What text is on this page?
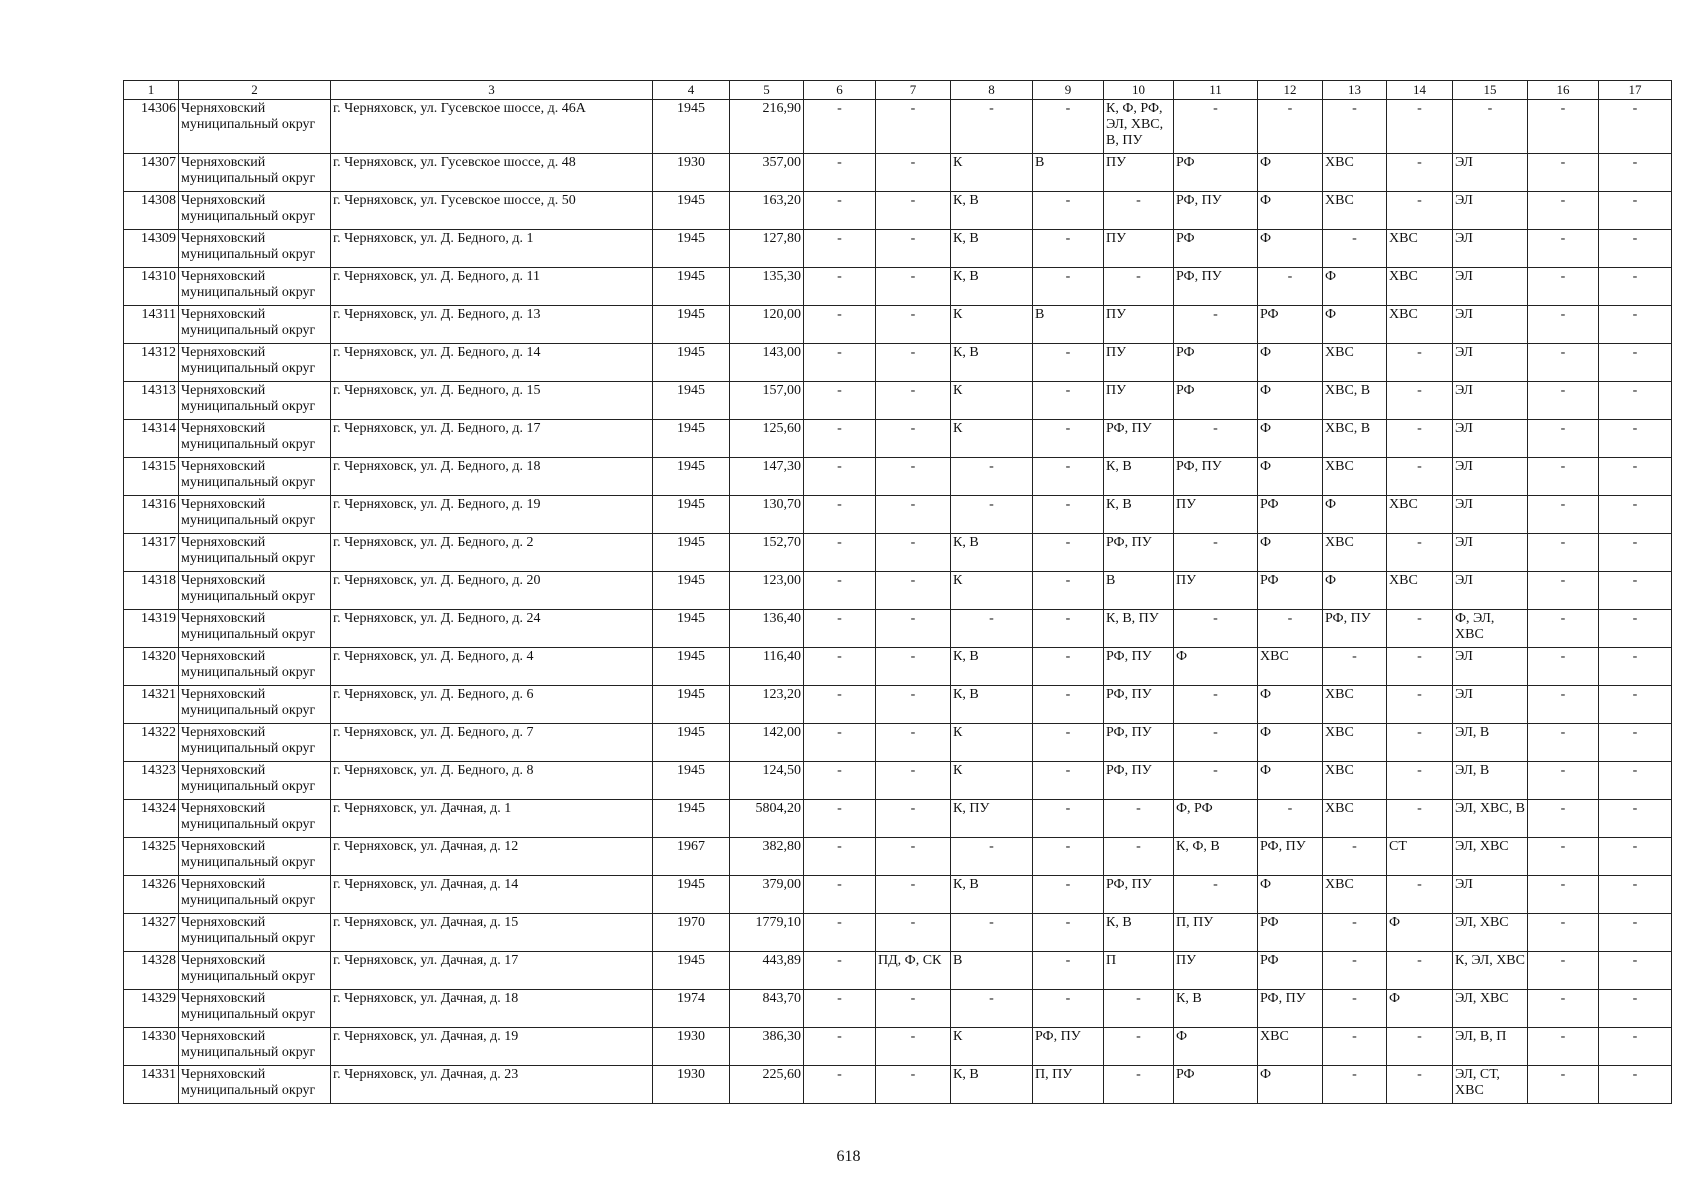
1	2	3	4	5	6	7	8	9	10	11	12	13	14	15	16	17
14306	Черняховский муниципальный округ	г. Черняховск, ул. Гусевское шоссе, д. 46А	1945	216,90	-	-	-	-	К, Ф, РФ, ЭЛ, ХВС, В, ПУ	-	-	-	-	-	-	-
14307	Черняховский муниципальный округ	г. Черняховск, ул. Гусевское шоссе, д. 48	1930	357,00	-	-	К	В	ПУ	РФ	Ф	ХВС	-	ЭЛ	-	-
14308	Черняховский муниципальный округ	г. Черняховск, ул. Гусевское шоссе, д. 50	1945	163,20	-	-	К, В	-	-	РФ, ПУ	Ф	ХВС	-	ЭЛ	-	-
14309	Черняховский муниципальный округ	г. Черняховск, ул. Д. Бедного, д. 1	1945	127,80	-	-	К, В	-	ПУ	РФ	Ф	-	ХВС	ЭЛ	-	-
14310	Черняховский муниципальный округ	г. Черняховск, ул. Д. Бедного, д. 11	1945	135,30	-	-	К, В	-	-	РФ, ПУ	-	Ф	ХВС	ЭЛ	-	-
14311	Черняховский муниципальный округ	г. Черняховск, ул. Д. Бедного, д. 13	1945	120,00	-	-	К	В	ПУ	-	РФ	Ф	ХВС	ЭЛ	-	-
14312	Черняховский муниципальный округ	г. Черняховск, ул. Д. Бедного, д. 14	1945	143,00	-	-	К, В	-	ПУ	РФ	Ф	ХВС	-	ЭЛ	-	-
14313	Черняховский муниципальный округ	г. Черняховск, ул. Д. Бедного, д. 15	1945	157,00	-	-	К	-	ПУ	РФ	Ф	ХВС, В	-	ЭЛ	-	-
14314	Черняховский муниципальный округ	г. Черняховск, ул. Д. Бедного, д. 17	1945	125,60	-	-	К	-	РФ, ПУ	-	Ф	ХВС, В	-	ЭЛ	-	-
14315	Черняховский муниципальный округ	г. Черняховск, ул. Д. Бедного, д. 18	1945	147,30	-	-	-	-	К, В	РФ, ПУ	Ф	ХВС	-	ЭЛ	-	-
14316	Черняховский муниципальный округ	г. Черняховск, ул. Д. Бедного, д. 19	1945	130,70	-	-	-	-	К, В	ПУ	РФ	Ф	ХВС	ЭЛ	-	-
14317	Черняховский муниципальный округ	г. Черняховск, ул. Д. Бедного, д. 2	1945	152,70	-	-	К, В	-	РФ, ПУ	-	Ф	ХВС	-	ЭЛ	-	-
14318	Черняховский муниципальный округ	г. Черняховск, ул. Д. Бедного, д. 20	1945	123,00	-	-	К	-	В	ПУ	РФ	Ф	ХВС	ЭЛ	-	-
14319	Черняховский муниципальный округ	г. Черняховск, ул. Д. Бедного, д. 24	1945	136,40	-	-	-	-	К, В, ПУ	-	-	РФ, ПУ	-	Ф, ЭЛ, ХВС	-	-
14320	Черняховский муниципальный округ	г. Черняховск, ул. Д. Бедного, д. 4	1945	116,40	-	-	К, В	-	РФ, ПУ	Ф	ХВС	-	-	ЭЛ	-	-
14321	Черняховский муниципальный округ	г. Черняховск, ул. Д. Бедного, д. 6	1945	123,20	-	-	К, В	-	РФ, ПУ	-	Ф	ХВС	-	ЭЛ	-	-
14322	Черняховский муниципальный округ	г. Черняховск, ул. Д. Бедного, д. 7	1945	142,00	-	-	К	-	РФ, ПУ	-	Ф	ХВС	-	ЭЛ, В	-	-
14323	Черняховский муниципальный округ	г. Черняховск, ул. Д. Бедного, д. 8	1945	124,50	-	-	К	-	РФ, ПУ	-	Ф	ХВС	-	ЭЛ, В	-	-
14324	Черняховский муниципальный округ	г. Черняховск, ул. Дачная, д. 1	1945	5804,20	-	-	К, ПУ	-	-	Ф, РФ	-	ХВС	-	ЭЛ, ХВС, В	-	-
14325	Черняховский муниципальный округ	г. Черняховск, ул. Дачная, д. 12	1967	382,80	-	-	-	-	-	К, Ф, В	РФ, ПУ	-	СТ	ЭЛ, ХВС	-	-
14326	Черняховский муниципальный округ	г. Черняховск, ул. Дачная, д. 14	1945	379,00	-	-	К, В	-	РФ, ПУ	-	Ф	ХВС	-	ЭЛ	-	-
14327	Черняховский муниципальный округ	г. Черняховск, ул. Дачная, д. 15	1970	1779,10	-	-	-	-	К, В	П, ПУ	РФ	-	Ф	ЭЛ, ХВС	-	-
14328	Черняховский муниципальный округ	г. Черняховск, ул. Дачная, д. 17	1945	443,89	-	ПД, Ф, СК	В	-	П	ПУ	РФ	-	-	К, ЭЛ, ХВС	-	-
14329	Черняховский муниципальный округ	г. Черняховск, ул. Дачная, д. 18	1974	843,70	-	-	-	-	-	К, В	РФ, ПУ	-	Ф	ЭЛ, ХВС	-	-
14330	Черняховский муниципальный округ	г. Черняховск, ул. Дачная, д. 19	1930	386,30	-	-	К	РФ, ПУ	-	Ф	ХВС	-	-	ЭЛ, В, П	-	-
14331	Черняховский муниципальный округ	г. Черняховск, ул. Дачная, д. 23	1930	225,60	-	-	К, В	П, ПУ	-	РФ	Ф	-	-	ЭЛ, СТ, ХВС	-	-
618
